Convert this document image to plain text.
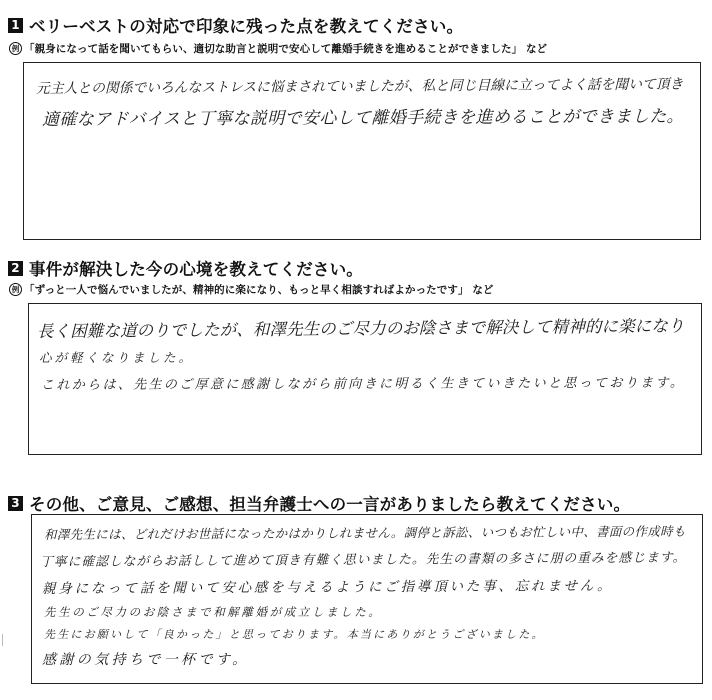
1 ベリーベストの対応で印象に残った点を教えてください。
例 「親身になって話を聞いてもらい、適切な助言と説明で安心して離婚手続きを進めることができました」 など
元主人との関係でいろんなストレスに悩まされていましたが、私と同じ目線に立ってよく話を聞いて頂き
適確なアドバイスと丁寧な説明で安心して離婚手続きを進めることができました。
2 事件が解決した今の心境を教えてください。
例 「ずっと一人で悩んでいましたが、精神的に楽になり、もっと早く相談すればよかったです」 など
長く困難な道のりでしたが、和澤先生のご尽力のお陰さまで解決して精神的に楽になり
心が軽くなりました。
これからは、先生のご厚意に感謝しながら前向きに明るく生きていきたいと思っております。
3 その他、ご意見、ご感想、担当弁護士への一言がありましたら教えてください。
和澤先生には、どれだけお世話になったかはかりしれません。調停と訴訟、いつもお忙しい中、書面の作成時も
丁寧に確認しながらお話しして進めて頂き有難く思いました。先生の書類の多さに朋の重みを感じます。
親身になって話を聞いて安心感を与えるようにご指導頂いた事、忘れません。
先生のご尽力のお陰さまで和解離婚が成立しました。
先生にお願いして「良かった」と思っております。本当にありがとうございました。
感謝の気持ちで一杯です。
